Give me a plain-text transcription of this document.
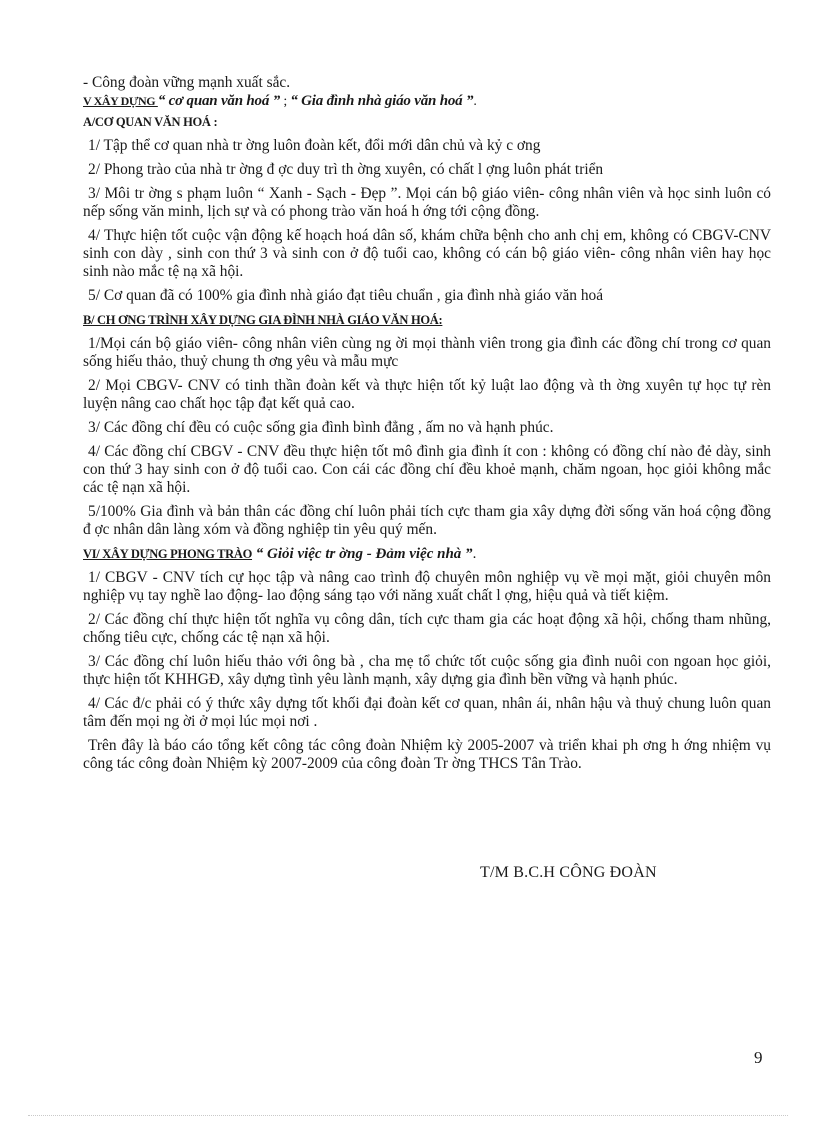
- Công đoàn vững mạnh xuất sắc.

V XÂY DỰNG “ cơ quan văn hoá ” ; “ Gia đình nhà giáo văn hoá ”.
A/CƠ QUAN VĂN HOÁ :

1/ Tập thể cơ quan nhà tr ờng luôn đoàn kết, đổi mới dân chủ và kỷ c ơng

2/ Phong trào của nhà tr ờng đ ợc duy trì th ờng xuyên, có chất l ợng luôn phát triển

3/ Môi tr ờng s phạm luôn “ Xanh - Sạch - Đẹp ”. Mọi cán bộ giáo viên- công nhân viên và học sinh luôn có nếp sống văn minh, lịch sự và có phong trào văn hoá h ớng tới cộng đồng.

4/ Thực hiện tốt cuộc vận động kế hoạch hoá dân số, khám chữa bệnh cho anh chị em, không có CBGV-CNV sinh con dày , sinh con thứ 3 và sinh con ở độ tuổi cao, không có cán bộ giáo viên- công nhân viên hay học sinh nào mắc tệ nạ xã hội.

5/ Cơ quan đã có 100% gia đình nhà giáo đạt tiêu chuẩn , gia đình nhà giáo văn hoá

B/ CH ƠNG TRÌNH XÂY DỰNG GIA ĐÌNH NHÀ GIÁO VĂN HOÁ:

1/Mọi cán bộ giáo viên- công nhân viên cùng ng ời mọi thành viên trong gia đình các đồng chí trong cơ quan sống hiếu thảo, thuỷ chung th ơng yêu và mẫu mực

2/ Mọi CBGV- CNV có tinh thần đoàn kết và thực hiện tốt kỷ luật lao động và th ờng xuyên tự học tự rèn luyện nâng cao chất học tập đạt kết quả cao.

3/ Các đồng chí đều có cuộc sống gia đình bình đẳng , ấm no và hạnh phúc.

4/ Các đồng chí CBGV - CNV đều thực hiện tốt mô đình gia đình ít con : không có đồng chí nào đẻ dày, sinh con thứ 3 hay sinh con ở độ tuổi cao. Con cái các đồng chí đều khoẻ mạnh, chăm ngoan, học giỏi không mắc các tệ nạn xã hội.

5/100% Gia đình và bản thân các đồng chí luôn phải tích cực tham gia xây dựng đời sống văn hoá cộng đồng đ ợc nhân dân làng xóm và đồng nghiệp tin yêu quý mến.

VI/ XÂY DỰNG PHONG TRÀO “ Giỏi việc tr ờng - Đảm việc nhà ”.

1/ CBGV - CNV tích cự học tập và nâng cao trình độ chuyên môn nghiệp vụ về mọi mặt, giỏi chuyên môn nghiệp vụ tay nghề lao động- lao động sáng tạo với năng xuất chất l ợng, hiệu quả và tiết kiệm.

2/ Các đồng chí thực hiện tốt nghĩa vụ công dân, tích cực tham gia các hoạt động xã hội, chống tham nhũng, chống tiêu cực, chống các tệ nạn xã hội.

3/ Các đồng chí luôn hiếu thảo với ông bà , cha mẹ tổ chức tốt cuộc sống gia đình nuôi con ngoan học giỏi, thực hiện tốt KHHGĐ, xây dựng tình yêu lành mạnh, xây dựng gia đình bền vững và hạnh phúc.

4/ Các đ/c phải có ý thức xây dựng tốt khối đại đoàn kết cơ quan, nhân ái, nhân hậu và thuỷ chung luôn quan tâm đến mọi ng ời ở mọi lúc mọi nơi .

Trên đây là báo cáo tổng kết công tác công đoàn Nhiệm kỳ 2005-2007 và triển khai ph ơng h ớng nhiệm vụ công tác công đoàn Nhiệm kỳ 2007-2009 của công đoàn Tr ờng THCS Tân Trào.

T/M B.C.H CÔNG ĐOÀN
9
